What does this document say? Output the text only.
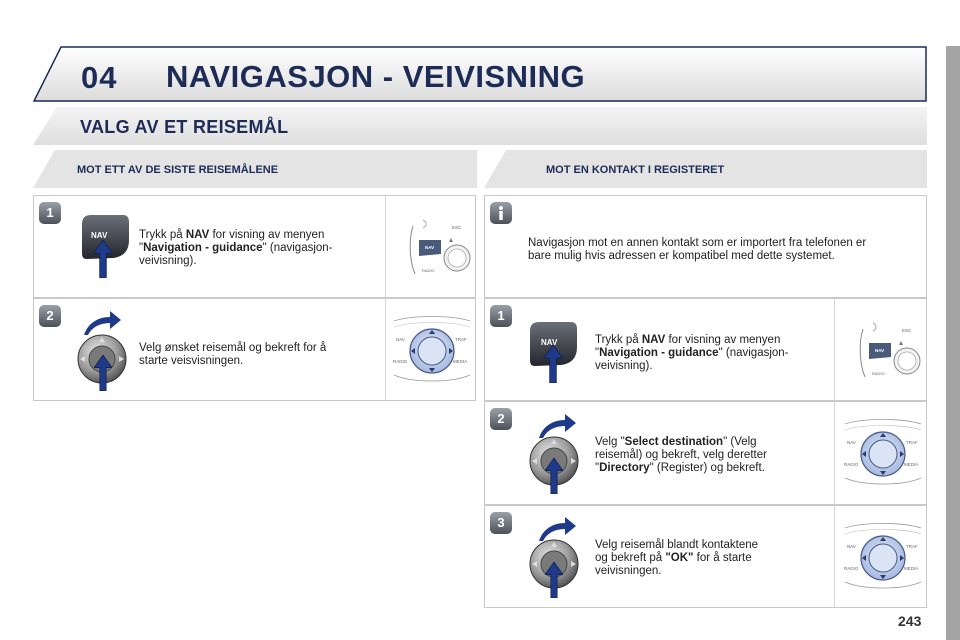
04 NAVIGASJON - VEIVISNING
VALG AV ET REISEMÅL
MOT ETT AV DE SISTE REISEMÅLENE	MOT EN KONTAKT I REGISTERET
1
NAV	Trykk på NAV for visning av menyen
"Navigation - guidance" (navigasjon-
veivisning).
ESC
NAV
RADIO
2
Velg ønsket reisemål og bekreft for å
starte veisvisningen.
NAV	TRAF
RADIO	MEDIA
Navigasjon mot en annen kontakt som er importert fra telefonen er
bare mulig hvis adressen er kompatibel med dette systemet.
1
NAV	Trykk på NAV for visning av menyen
"Navigation - guidance" (navigasjon-
veivisning).
ESC
NAV
RADIO
2
Velg "Select destination" (Velg
reisemål) og bekreft, velg deretter
"Directory" (Register) og bekreft.
NAV	TRAF
RADIO	MEDIA
3
Velg reisemål blandt kontaktene
og bekreft på "OK" for å starte
veivisningen.
NAV	TRAF
RADIO	MEDIA
243
